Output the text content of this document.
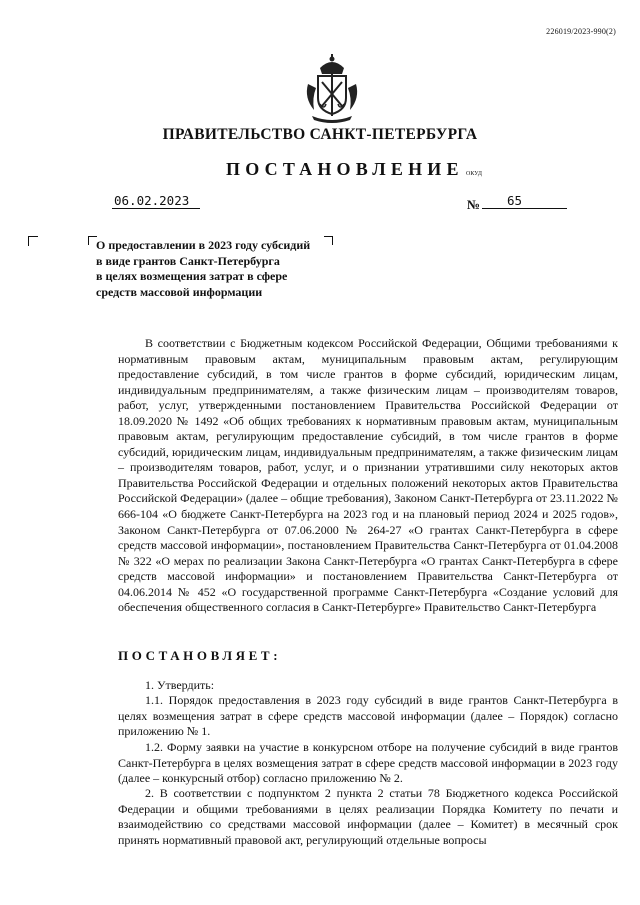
226019/2023-990(2)
ПРАВИТЕЛЬСТВО САНКТ-ПЕТЕРБУРГА
ПОСТАНОВЛЕНИЕ ОКУД
06.02.2023	№	65
О предоставлении в 2023 году субсидий
в виде грантов Санкт-Петербурга
в целях возмещения затрат в сфере
средств массовой информации
В соответствии с Бюджетным кодексом Российской Федерации, Общими требованиями к нормативным правовым актам, муниципальным правовым актам, регулирующим предоставление субсидий, в том числе грантов в форме субсидий, юридическим лицам, индивидуальным предпринимателям, а также физическим лицам – производителям товаров, работ, услуг, утвержденными постановлением Правительства Российской Федерации от 18.09.2020 № 1492 «Об общих требованиях к нормативным правовым актам, муниципальным правовым актам, регулирующим предоставление субсидий, в том числе грантов в форме субсидий, юридическим лицам, индивидуальным предпринимателям, а также физическим лицам – производителям товаров, работ, услуг, и о признании утратившими силу некоторых актов Правительства Российской Федерации и отдельных положений некоторых актов Правительства Российской Федерации» (далее – общие требования), Законом Санкт-Петербурга от 23.11.2022 № 666-104 «О бюджете Санкт-Петербурга на 2023 год и на плановый период 2024 и 2025 годов», Законом Санкт-Петербурга от 07.06.2000 № 264-27 «О грантах Санкт-Петербурга в сфере средств массовой информации», постановлением Правительства Санкт-Петербурга от 01.04.2008 № 322 «О мерах по реализации Закона Санкт-Петербурга «О грантах Санкт-Петербурга в сфере средств массовой информации» и постановлением Правительства Санкт-Петербурга от 04.06.2014 № 452 «О государственной программе Санкт-Петербурга «Создание условий для обеспечения общественного согласия в Санкт-Петербурге» Правительство Санкт-Петербурга
ПОСТАНОВЛЯЕТ:
1. Утвердить:
1.1. Порядок предоставления в 2023 году субсидий в виде грантов Санкт-Петербурга в целях возмещения затрат в сфере средств массовой информации (далее – Порядок) согласно приложению № 1.
1.2. Форму заявки на участие в конкурсном отборе на получение субсидий в виде грантов Санкт-Петербурга в целях возмещения затрат в сфере средств массовой информации в 2023 году (далее – конкурсный отбор) согласно приложению № 2.
2. В соответствии с подпунктом 2 пункта 2 статьи 78 Бюджетного кодекса Российской Федерации и общими требованиями в целях реализации Порядка Комитету по печати и взаимодействию со средствами массовой информации (далее – Комитет) в месячный срок принять нормативный правовой акт, регулирующий отдельные вопросы
